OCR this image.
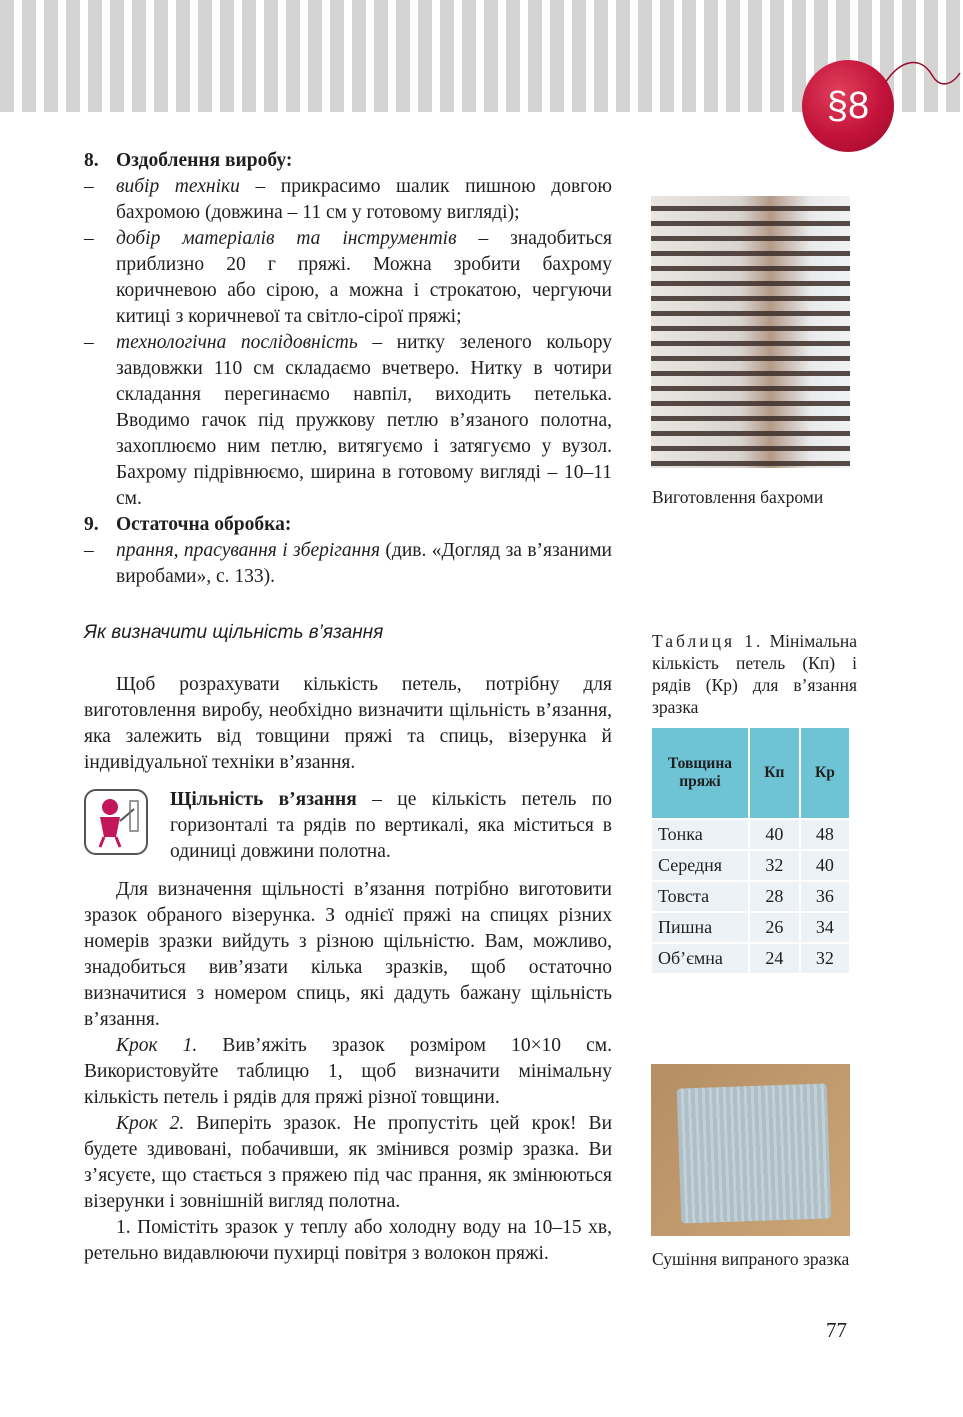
§8

8. Оздоблення виробу:

– вибір техніки – прикрасимо шалик пишною довгою бахромою (довжина – 11 см у готовому вигляді);

– добір матеріалів та інструментів – знадобиться приблизно 20 г пряжі. Можна зробити бахрому коричневою або сірою, а можна і строкатою, чергуючи китиці з коричневої та світло-сірої пряжі;

– технологічна послідовність – нитку зеленого кольору завдовжки 110 см складаємо вчетверо. Нитку в чотири складання перегинаємо навпіл, виходить петелька. Вводимо гачок під пружкову петлю в’язаного полотна, захоплюємо ним петлю, витягуємо і затягуємо у вузол. Бахрому підрівнюємо, ширина в готовому вигляді – 10–11 см.

9. Остаточна обробка:

– прання, прасування і зберігання (див. «Догляд за в’язаними виробами», с. 133).

Виготовлення бахроми
Як визначити щільність в’язання
Щоб розрахувати кількість петель, потрібну для виготовлення виробу, необхідно визначити щільність в’язання, яка залежить від товщини пряжі та спиць, візерунка й індивідуальної техніки в’язання.
Щільність в’язання – це кількість петель по горизонталі та рядів по вертикалі, яка міститься в одиниці довжини полотна.

Для визначення щільності в’язання потрібно виготовити зразок обраного візерунка. З однієї пряжі на спицях різних номерів зразки вийдуть з різною щільністю. Вам, можливо, знадобиться вив’язати кілька зразків, щоб остаточно визначитися з номером спиць, які дадуть бажану щільність в’язання.

Крок 1. Вив’яжіть зразок розміром 10×10 см. Використовуйте таблицю 1, щоб визначити мінімальну кількість петель і рядів для пряжі різної товщини.

Крок 2. Виперіть зразок. Не пропустіть цей крок! Ви будете здивовані, побачивши, як змінився розмір зразка. Ви з’ясуєте, що стається з пряжею під час прання, як змінюються візерунки і зовнішній вигляд полотна.

1. Помістіть зразок у теплу або холодну воду на 10–15 хв, ретельно видавлюючи пухирці повітря з волокон пряжі.

Таблиця 1. Мінімальна кількість петель (Кп) і рядів (Кр) для в’язання зразка
Товщина пряжі	Кп	Кр
Тонка	40	48
Середня	32	40
Товста	28	36
Пишна	26	34
Об’ємна	24	32
Сушіння випраного зразка
77
